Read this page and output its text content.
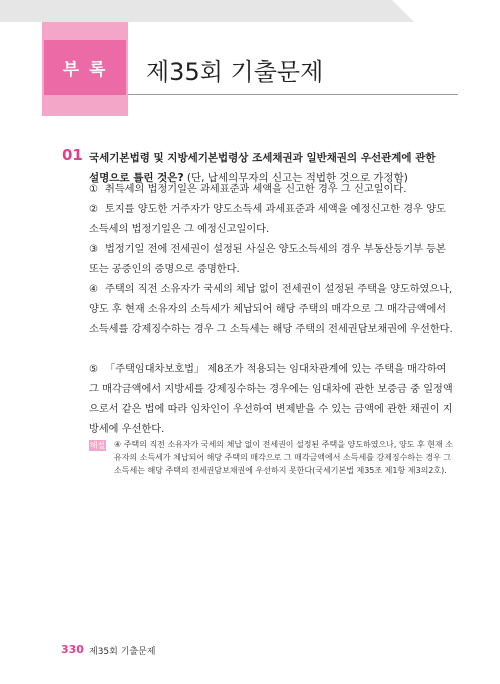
부 록	제35회 기출문제
01 국세기본법령 및 지방세기본법령상 조세채권과 일반채권의 우선관계에 관한 설명으로 틀린 것은? (단, 납세의무자의 신고는 적법한 것으로 가정함)
① 취득세의 법정기일은 과세표준과 세액을 신고한 경우 그 신고일이다.
② 토지를 양도한 거주자가 양도소득세 과세표준과 세액을 예정신고한 경우 양도소득세의 법정기일은 그 예정신고일이다.
③ 법정기일 전에 전세권이 설정된 사실은 양도소득세의 경우 부동산등기부 등본 또는 공증인의 증명으로 증명한다.
④ 주택의 직전 소유자가 국세의 체납 없이 전세권이 설정된 주택을 양도하였으나, 양도 후 현재 소유자의 소득세가 체납되어 해당 주택의 매각으로 그 매각금액에서 소득세를 강제징수하는 경우 그 소득세는 해당 주택의 전세권담보채권에 우선한다.
⑤ 「주택임대차보호법」 제8조가 적용되는 임대차관계에 있는 주택을 매각하여 그 매각금액에서 지방세를 강제징수하는 경우에는 임대차에 관한 보증금 중 일정액으로서 같은 법에 따라 임차인이 우선하여 변제받을 수 있는 금액에 관한 채권이 지방세에 우선한다.
해설 ④ 주택의 직전 소유자가 국세의 체납 없이 전세권이 설정된 주택을 양도하였으나, 양도 후 현재 소유자의 소득세가 체납되어 해당 주택의 매각으로 그 매각금액에서 소득세를 강제징수하는 경우 그 소득세는 해당 주택의 전세권담보채권에 우선하지 못한다(국세기본법 제35조 제1항 제3의2호).
330 제35회 기출문제
